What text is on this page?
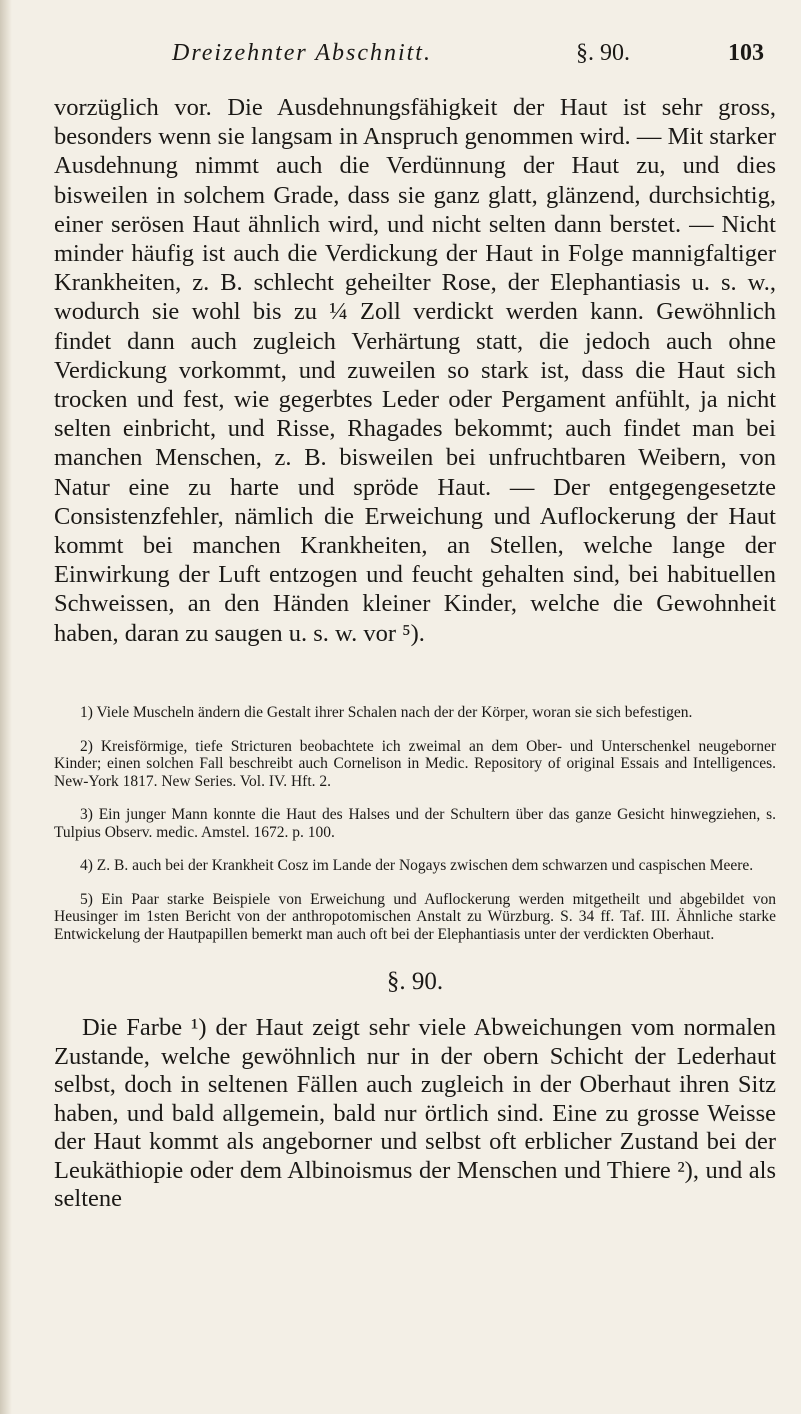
Dreizehnter Abschnitt.	§. 90.	103

vorzüglich vor. Die Ausdehnungsfähigkeit der Haut ist sehr gross, besonders wenn sie langsam in Anspruch genommen wird. — Mit starker Ausdehnung nimmt auch die Verdünnung der Haut zu, und dies bisweilen in solchem Grade, dass sie ganz glatt, glänzend, durchsichtig, einer serösen Haut ähnlich wird, und nicht selten dann berstet. — Nicht minder häufig ist auch die Verdickung der Haut in Folge mannigfaltiger Krankheiten, z. B. schlecht geheilter Rose, der Elephantiasis u. s. w., wodurch sie wohl bis zu ¼ Zoll verdickt werden kann. Gewöhnlich findet dann auch zugleich Verhärtung statt, die jedoch auch ohne Verdickung vorkommt, und zuweilen so stark ist, dass die Haut sich trocken und fest, wie gegerbtes Leder oder Pergament anfühlt, ja nicht selten einbricht, und Risse, Rhagades bekommt; auch findet man bei manchen Menschen, z. B. bisweilen bei unfruchtbaren Weibern, von Natur eine zu harte und spröde Haut. — Der entgegengesetzte Consistenzfehler, nämlich die Erweichung und Auflockerung der Haut kommt bei manchen Krankheiten, an Stellen, welche lange der Einwirkung der Luft entzogen und feucht gehalten sind, bei habituellen Schweissen, an den Händen kleiner Kinder, welche die Gewohnheit haben, daran zu saugen u. s. w. vor ⁵).

1) Viele Muscheln ändern die Gestalt ihrer Schalen nach der der Körper, woran sie sich befestigen.

2) Kreisförmige, tiefe Stricturen beobachtete ich zweimal an dem Ober- und Unterschenkel neugeborner Kinder; einen solchen Fall beschreibt auch Cornelison in Medic. Repository of original Essais and Intelligences. New-York 1817. New Series. Vol. IV. Hft. 2.

3) Ein junger Mann konnte die Haut des Halses und der Schultern über das ganze Gesicht hinwegziehen, s. Tulpius Observ. medic. Amstel. 1672. p. 100.

4) Z. B. auch bei der Krankheit Cosz im Lande der Nogays zwischen dem schwarzen und caspischen Meere.

5) Ein Paar starke Beispiele von Erweichung und Auflockerung werden mitgetheilt und abgebildet von Heusinger im 1sten Bericht von der anthropotomischen Anstalt zu Würzburg. S. 34 ff. Taf. III. Ähnliche starke Entwickelung der Hautpapillen bemerkt man auch oft bei der Elephantiasis unter der verdickten Oberhaut.

§. 90.

Die Farbe ¹) der Haut zeigt sehr viele Abweichungen vom normalen Zustande, welche gewöhnlich nur in der obern Schicht der Lederhaut selbst, doch in seltenen Fällen auch zugleich in der Oberhaut ihren Sitz haben, und bald allgemein, bald nur örtlich sind. Eine zu grosse Weisse der Haut kommt als angeborner und selbst oft erblicher Zustand bei der Leukäthiopie oder dem Albinoismus der Menschen und Thiere ²), und als seltene
